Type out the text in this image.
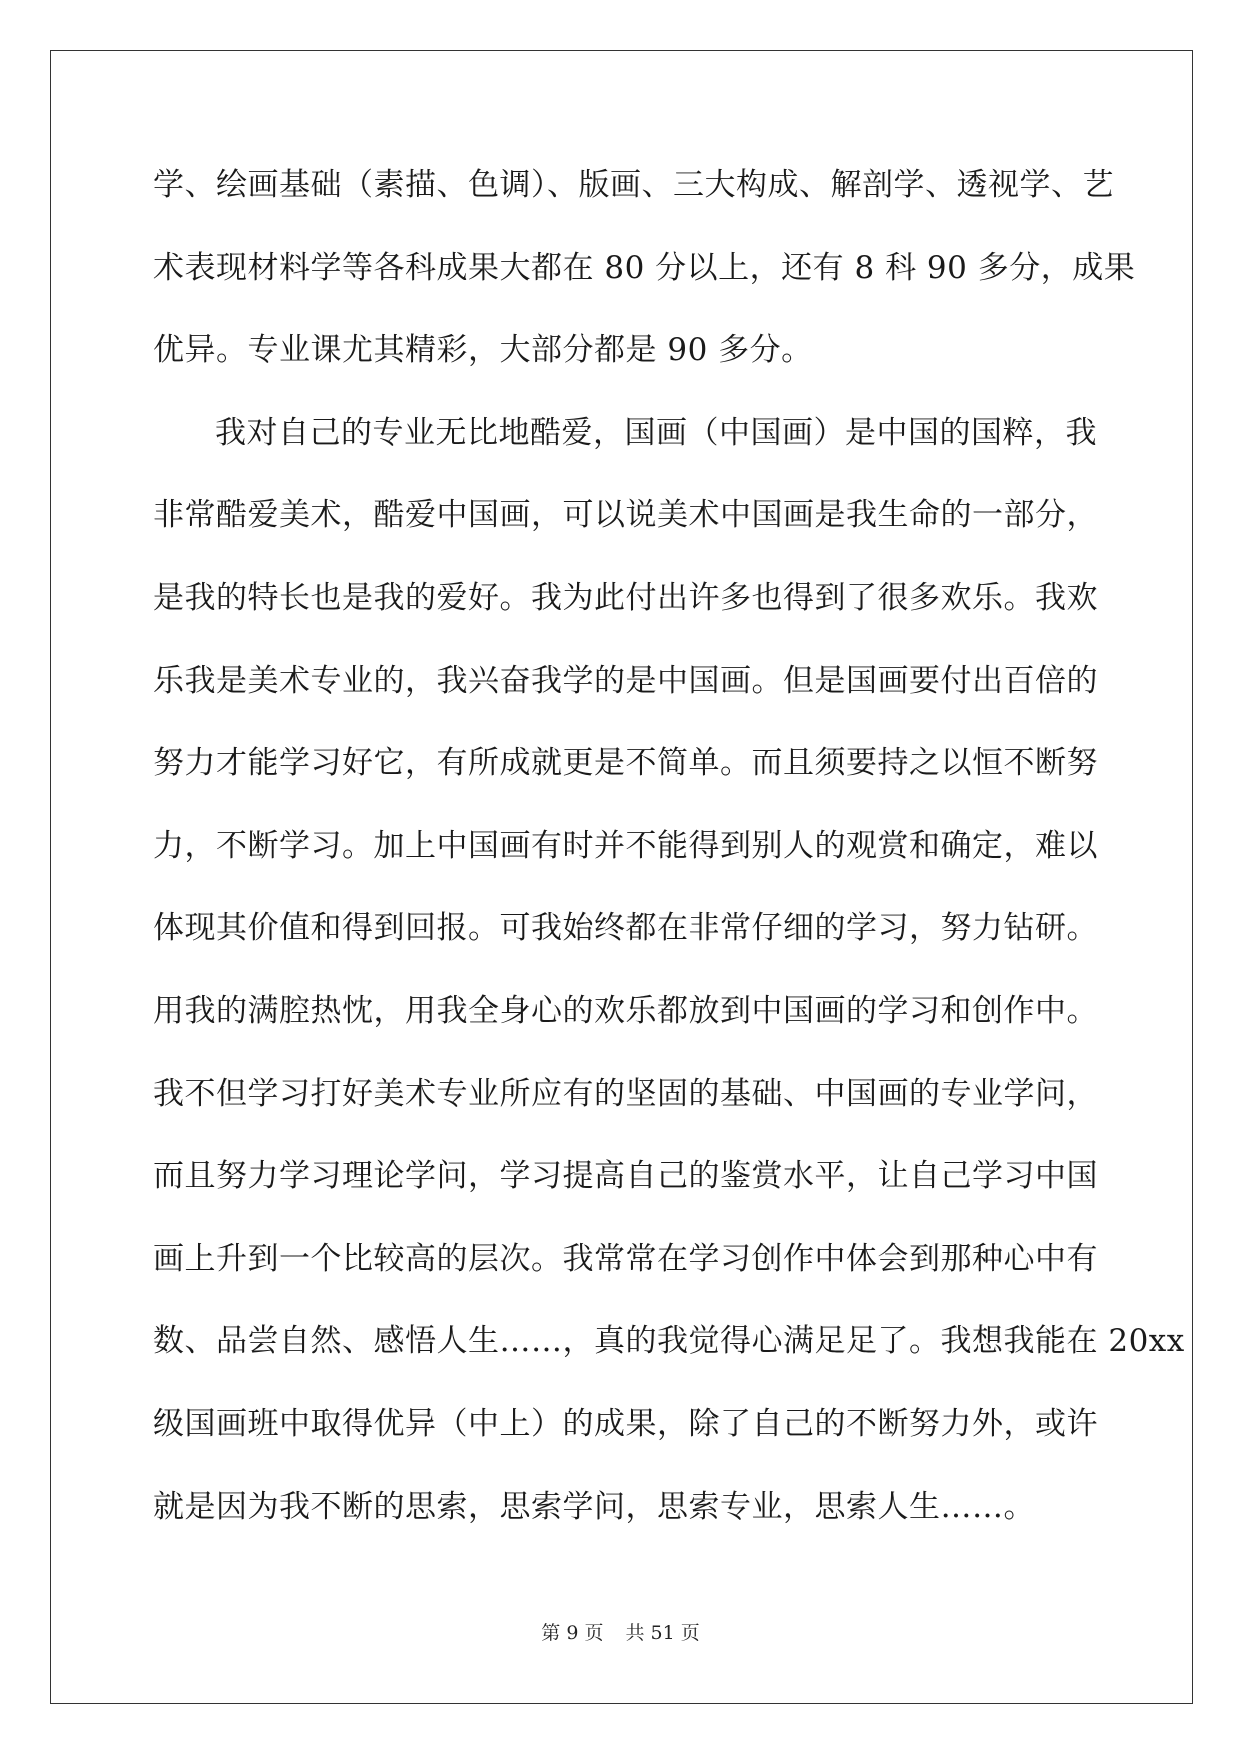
学、绘画基础（素描、色调）、版画、三大构成、解剖学、透视学、艺
术表现材料学等各科成果大都在 80 分以上，还有 8 科 90 多分，成果
优异。专业课尤其精彩，大部分都是 90 多分。
我对自己的专业无比地酷爱，国画（中国画）是中国的国粹，我
非常酷爱美术，酷爱中国画，可以说美术中国画是我生命的一部分，
是我的特长也是我的爱好。我为此付出许多也得到了很多欢乐。我欢
乐我是美术专业的，我兴奋我学的是中国画。但是国画要付出百倍的
努力才能学习好它，有所成就更是不简单。而且须要持之以恒不断努
力，不断学习。加上中国画有时并不能得到别人的观赏和确定，难以
体现其价值和得到回报。可我始终都在非常仔细的学习，努力钻研。
用我的满腔热忱，用我全身心的欢乐都放到中国画的学习和创作中。
我不但学习打好美术专业所应有的坚固的基础、中国画的专业学问，
而且努力学习理论学问，学习提高自己的鉴赏水平，让自己学习中国
画上升到一个比较高的层次。我常常在学习创作中体会到那种心中有
数、品尝自然、感悟人生……，真的我觉得心满足足了。我想我能在 20xx
级国画班中取得优异（中上）的成果，除了自己的不断努力外，或许
就是因为我不断的思索，思索学问，思索专业，思索人生……。
第 9 页 共 51 页
